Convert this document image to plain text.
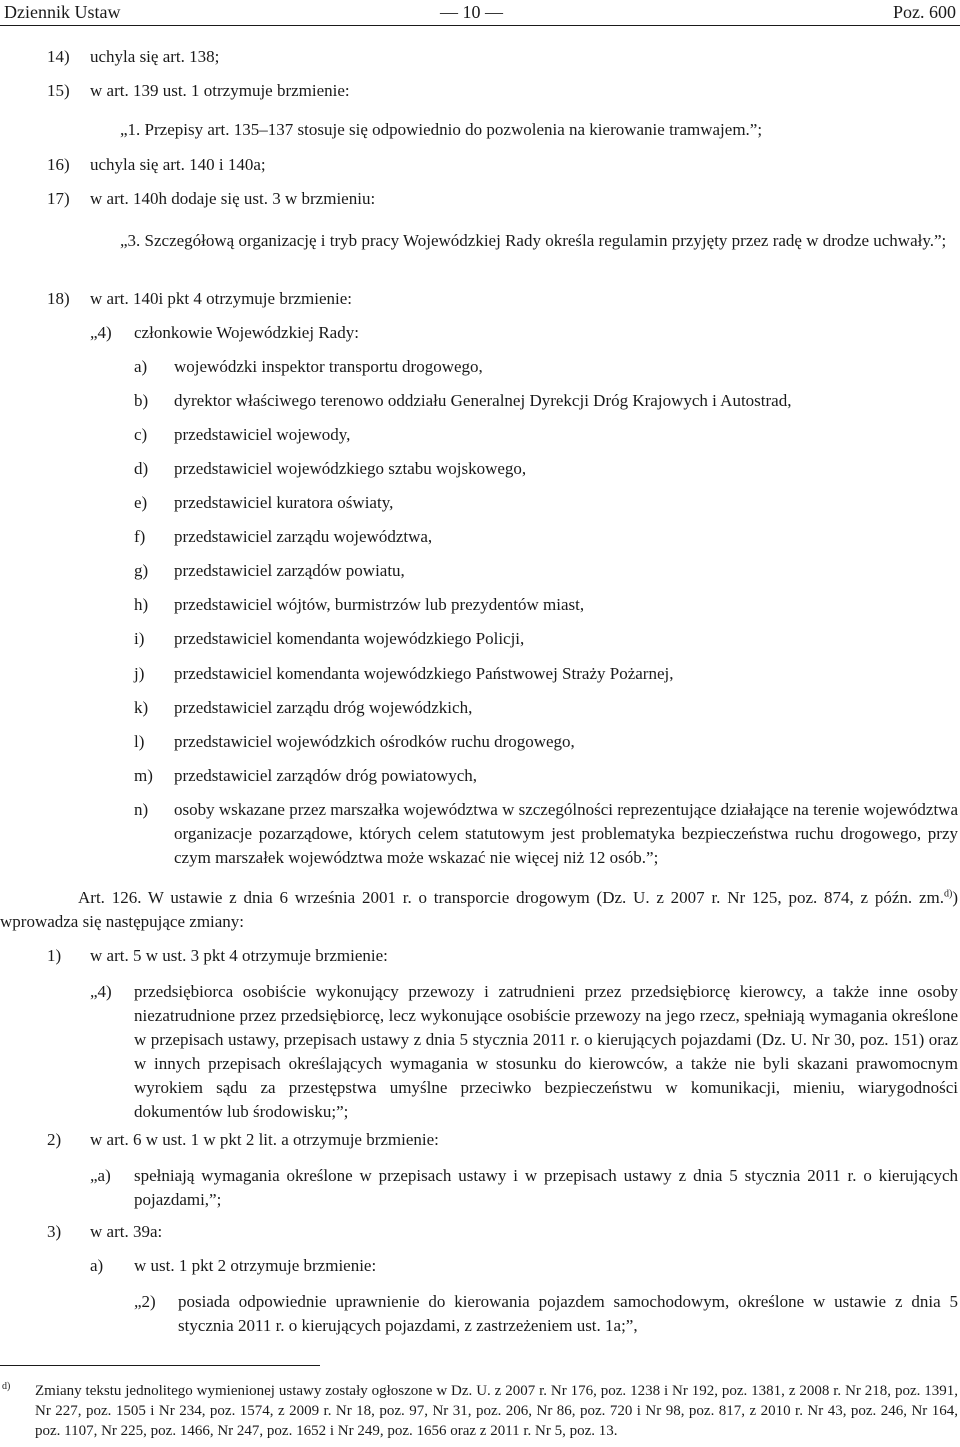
Dziennik Ustaw	— 10 —	Poz. 600
14) uchyla się art. 138;
15) w art. 139 ust. 1 otrzymuje brzmienie:
„1. Przepisy art. 135–137 stosuje się odpowiednio do pozwolenia na kierowanie tramwajem.”;
16) uchyla się art. 140 i 140a;
17) w art. 140h dodaje się ust. 3 w brzmieniu:
„3. Szczegółową organizację i tryb pracy Wojewódzkiej Rady określa regulamin przyjęty przez radę w drodze uchwały.”;
18) w art. 140i pkt 4 otrzymuje brzmienie:
„4) członkowie Wojewódzkiej Rady:
a) wojewódzki inspektor transportu drogowego,
b) dyrektor właściwego terenowo oddziału Generalnej Dyrekcji Dróg Krajowych i Autostrad,
c) przedstawiciel wojewody,
d) przedstawiciel wojewódzkiego sztabu wojskowego,
e) przedstawiciel kuratora oświaty,
f) przedstawiciel zarządu województwa,
g) przedstawiciel zarządów powiatu,
h) przedstawiciel wójtów, burmistrzów lub prezydentów miast,
i) przedstawiciel komendanta wojewódzkiego Policji,
j) przedstawiciel komendanta wojewódzkiego Państwowej Straży Pożarnej,
k) przedstawiciel zarządu dróg wojewódzkich,
l) przedstawiciel wojewódzkich ośrodków ruchu drogowego,
m) przedstawiciel zarządów dróg powiatowych,
n) osoby wskazane przez marszałka województwa w szczególności reprezentujące działające na terenie województwa organizacje pozarządowe, których celem statutowym jest problematyka bezpieczeństwa ruchu drogowego, przy czym marszałek województwa może wskazać nie więcej niż 12 osób.”;
Art. 126. W ustawie z dnia 6 września 2001 r. o transporcie drogowym (Dz. U. z 2007 r. Nr 125, poz. 874, z późn. zm.$^{d)}$) wprowadza się następujące zmiany:
1) w art. 5 w ust. 3 pkt 4 otrzymuje brzmienie:
„4) przedsiębiorca osobiście wykonujący przewozy i zatrudnieni przez przedsiębiorcę kierowcy, a także inne osoby niezatrudnione przez przedsiębiorcę, lecz wykonujące osobiście przewozy na jego rzecz, spełniają wymagania określone w przepisach ustawy, przepisach ustawy z dnia 5 stycznia 2011 r. o kierujących pojazdami (Dz. U. Nr 30, poz. 151) oraz w innych przepisach określających wymagania w stosunku do kierowców, a także nie byli skazani prawomocnym wyrokiem sądu za przestępstwa umyślne przeciwko bezpieczeństwu w komunikacji, mieniu, wiarygodności dokumentów lub środowisku;”;
2) w art. 6 w ust. 1 w pkt 2 lit. a otrzymuje brzmienie:
„a) spełniają wymagania określone w przepisach ustawy i w przepisach ustawy z dnia 5 stycznia 2011 r. o kierujących pojazdami,”;
3) w art. 39a:
a) w ust. 1 pkt 2 otrzymuje brzmienie:
„2) posiada odpowiednie uprawnienie do kierowania pojazdem samochodowym, określone w ustawie z dnia 5 stycznia 2011 r. o kierujących pojazdami, z zastrzeżeniem ust. 1a;”,
d) Zmiany tekstu jednolitego wymienionej ustawy zostały ogłoszone w Dz. U. z 2007 r. Nr 176, poz. 1238 i Nr 192, poz. 1381, z 2008 r. Nr 218, poz. 1391, Nr 227, poz. 1505 i Nr 234, poz. 1574, z 2009 r. Nr 18, poz. 97, Nr 31, poz. 206, Nr 86, poz. 720 i Nr 98, poz. 817, z 2010 r. Nr 43, poz. 246, Nr 164, poz. 1107, Nr 225, poz. 1466, Nr 247, poz. 1652 i Nr 249, poz. 1656 oraz z 2011 r. Nr 5, poz. 13.
